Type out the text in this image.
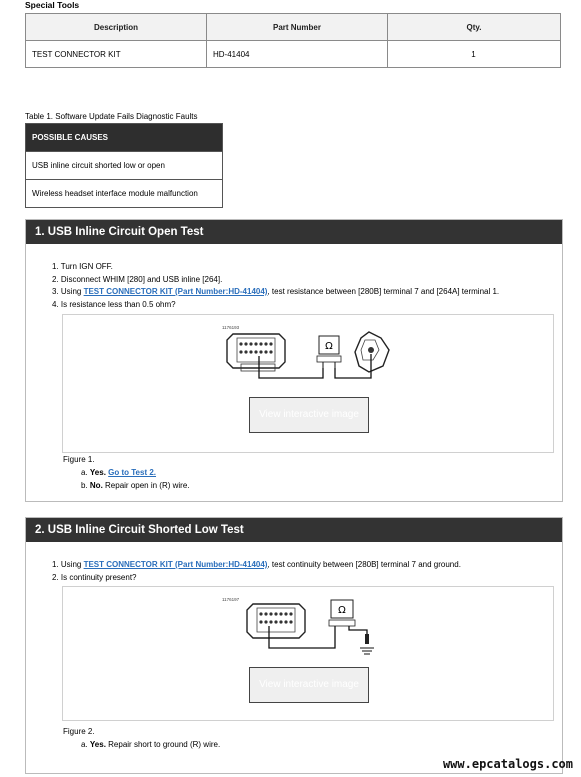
Special Tools
Description	Part Number	Qty.
TEST CONNECTOR KIT	HD-41404	1
Table 1. Software Update Fails Diagnostic Faults
POSSIBLE CAUSES
USB inline circuit shorted low or open
Wireless headset interface module malfunction
1. USB Inline Circuit Open Test
1. Turn IGN OFF.
2. Disconnect WHIM [280] and USB inline [264].
3. Using TEST CONNECTOR KIT (Part Number:HD-41404), test resistance between [280B] terminal 7 and [264A] terminal 1.
4. Is resistance less than 0.5 ohm?
1176193
Ω
View interactive image
Figure 1.
a. Yes. Go to Test 2.
b. No. Repair open in (R) wire.
2. USB Inline Circuit Shorted Low Test
1. Using TEST CONNECTOR KIT (Part Number:HD-41404), test continuity between [280B] terminal 7 and ground.
2. Is continuity present?
1176197
Ω
View interactive image
Figure 2.
a. Yes. Repair short to ground (R) wire.
www.epcatalogs.com
